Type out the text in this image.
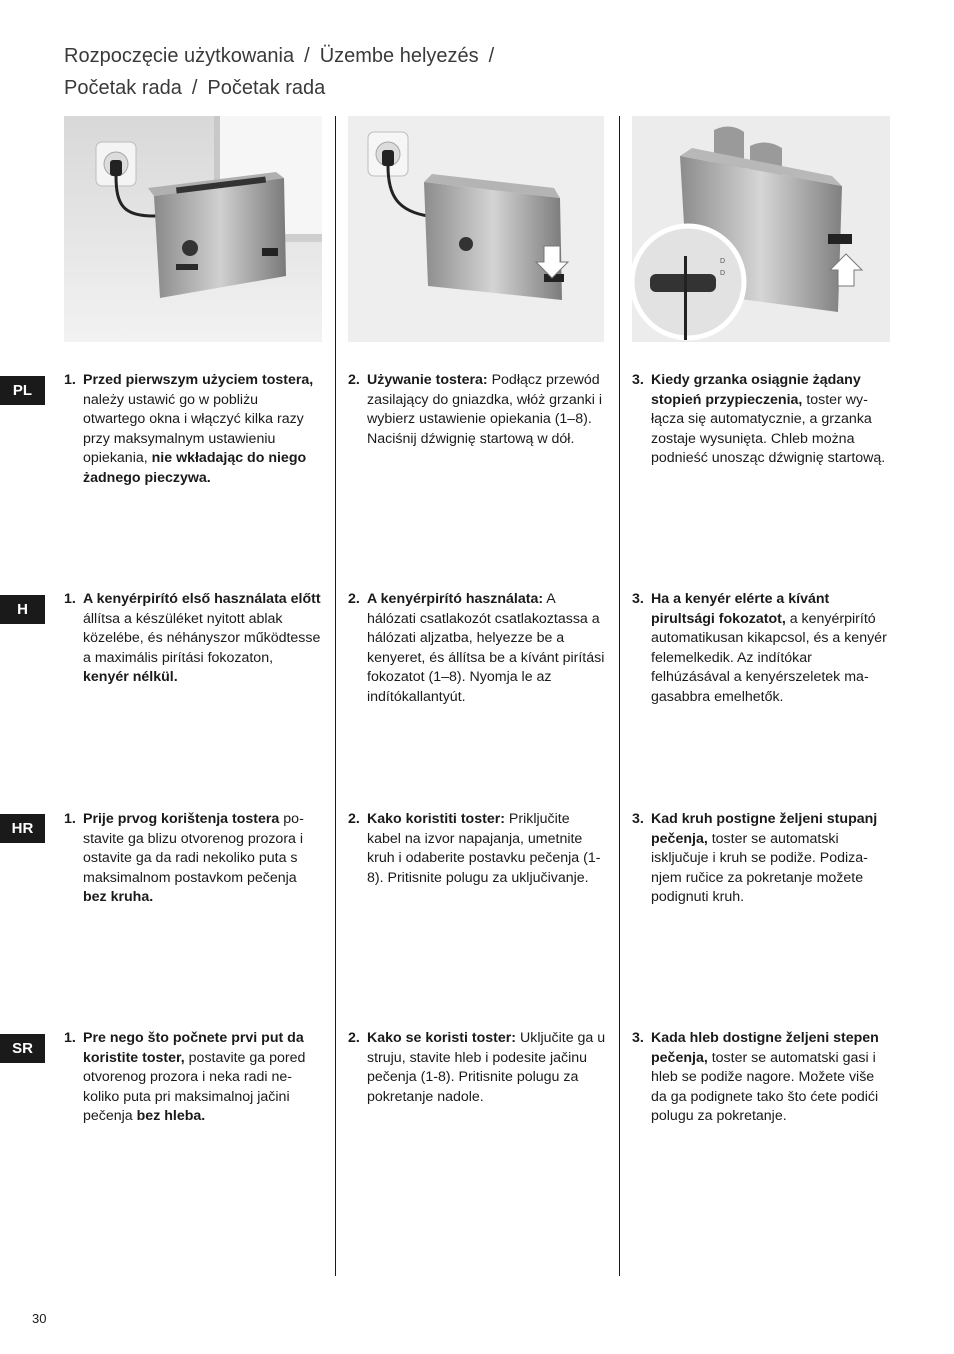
Rozpoczęcie użytkowania / Üzembe helyezés /
Početak rada / Početak rada
D
D
PL
H
HR
SR
1. Przed pierwszym użyciem tostera, należy ustawić go w pobliżu otwartego okna i włączyć kilka razy przy maksymalnym ustawieniu opiekania, nie wkładając do niego żadnego pieczywa.
2. Używanie tostera: Podłącz przewód zasilający do gniazdka, włóż grzanki i wybierz ustawienie opiekania (1–8). Naciśnij dźwignię startową w dół.
3. Kiedy grzanka osiągnie żądany stopień przypieczenia, toster wyłącza się automatycznie, a grzanka zostaje wysunięta. Chleb można podnieść unosząc dźwignię startową.
1. A kenyérpirító első használata előtt állítsa a készüléket nyitott ablak közelébe, és néhányszor működtesse a maximális pirítási fokozaton, kenyér nélkül.
2. A kenyérpirító használata: A hálózati csatlakozót csatlakoztassa a hálózati aljzatba, helyezze be a kenyeret, és állítsa be a kívánt pirítási fokozatot (1–8). Nyomja le az indítókallantyút.
3. Ha a kenyér elérte a kívánt pirultsági fokozatot, a kenyérpirító automatikusan kikapcsol, és a kenyér felemelkedik. Az indítókar felhúzásával a kenyérszeletek magasabbra emelhetők.
1. Prije prvog korištenja tostera postavite ga blizu otvorenog prozora i ostavite ga da radi nekoliko puta s maksimalnom postavkom pečenja bez kruha.
2. Kako koristiti toster: Priključite kabel na izvor napajanja, umetnite kruh i odaberite postavku pečenja (1-8). Pritisnite polugu za uključivanje.
3. Kad kruh postigne željeni stupanj pečenja, toster se automatski isključuje i kruh se podiže. Podizanjem ručice za pokretanje možete podignuti kruh.
1. Pre nego što počnete prvi put da koristite toster, postavite ga pored otvorenog prozora i neka radi nekoliko puta pri maksimalnoj jačini pečenja bez hleba.
2. Kako se koristi toster: Uključite ga u struju, stavite hleb i podesite jačinu pečenja (1-8). Pritisnite polugu za pokretanje nadole.
3. Kada hleb dostigne željeni stepen pečenja, toster se automatski gasi i hleb se podiže nagore. Možete više da ga podignete tako što ćete podići polugu za pokretanje.
30
